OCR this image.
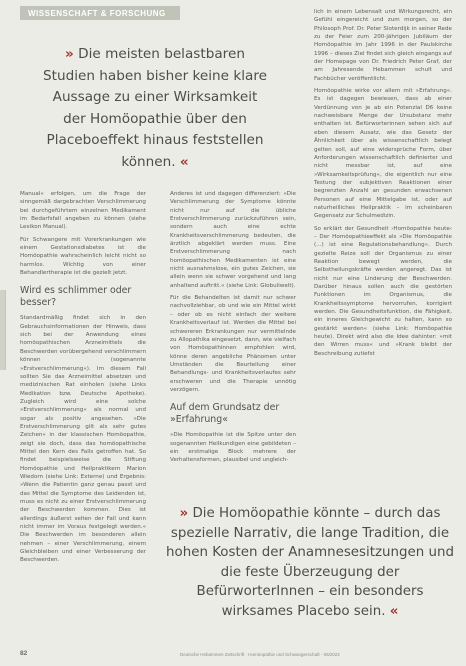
WISSENSCHAFT & FORSCHUNG
» Die meisten belastbaren Studien haben bisher keine klare Aussage zu einer Wirksamkeit der Homöopathie über den Placeboeffekt hinaus feststellen können. «

Manual« erfolgen, um die Frage der sinngemäß dargebrachten Verschlimmerung bei durchgeführtem einzelnen Medikament im Bedarfsfall angeben zu können (siehe Lexikon Manual).

Für Schwangere mit Vorerkrankungen wie einem Gestationsdiabetes ist die Homöopathie wahrscheinlich leicht nicht so harmlos. Wichtig von einer Behandlertherapie ist die gezielt jetzt.

Wird es schlimmer oder besser?

Standardmäßig findet sich in den Gebrauchsinformationen der Hinweis, dass sich bei der Anwendung eines homöopathischen Arzneimittels die Beschwerden vorübergehend verschlimmern können (sogenannte »Erstverschlimmerung«). Im diesem Fall sollten Sie das Arzneimittel absetzen und medizinischen Rat einholen (siehe Links Medikation bzw. Deutsche Apotheke). Zugleich wird eine solche »Erstverschlimmerung« als normal und sogar als positiv angesehen. »Die Erstverschlimmerung gilt als sehr gutes Zeichen« in der klassischen Homöopathie, zeigt sie doch, dass das homöopathische Mittel den Kern des Falls getroffen hat. So findet beispielsweise die Stiftung Homöopathie und Heilpraktikern Marion Wiedorn (siehe Link: Externe) und Ergebnis: »Wenn die Patientin ganz genau passt und das Mittel die Symptome des Leidenden ist, muss es nicht zu einer Erstverschlimmerung der Beschwerden kommen. Dies ist allerdings äußerst selten der Fall und kann nicht immer im Voraus festgelegt werden.« Die Beschwerden im besonderen allein nehmen – einer Verschlimmerung, einem Gleichbleiben und einer Verbesserung der Beschwerden.

Anderes ist und dagegen differenziert: »Die Verschlimmerung der Symptome könnte nicht nur auf die übliche Erstverschlimmerung zurückzuführen sein, sondern auch eine echte Krankheitsverschlimmerung bedeuten, die ärztlich abgeklärt werden muss. Eine Erstverschlimmerung nach homöopathischen Medikamenten ist eine nicht ausnahmslose, ein gutes Zeichen, sie allein wenn sie schwer vorgehend und lang anhaltend auftritt.« (siehe Link: Globuliwelt).

Für die Behandelten ist damit nur schwer nachvollziehbar, ob und wie ein Mittel wirkt – oder ob es nicht einfach der weitere Krankheitsverlauf ist. Werden die Mittel bei schwereren Erkrankungen nur vermittelnde zu Allopathika eingesetzt, dann, wie vielfach von Homöopathinnen empfohlen wird, könne deren angebliche Phänomen unter Umständen die Beurteilung einer Behandlungs- und Krankheitsverlaufes sehr erschweren und die Therapie unnötig verzögern.

Auf dem Grundsatz der »Erfahrung«

»Die Homöopathie ist die Spitze unter den sogenannten Heilkundigen eine gebildeten – ein erstmalige Block mehrere der Verhaltensformen, plausibel und ungleich-

lich in einem Lebensalt und Wirkungsrecht, ein Gefühl eingereicht und zum morgen, so der Philosoph Prof. Dr. Peter Sloterdijk in seiner Rede zu der Feier zum 200-jährigen Jubiläum der Homöopathie im Jahr 1996 in der Paulskirche 1996 – dieses Ziel findet sich gleich eingangs auf der Homepage von Dr. Friedrich Peter Graf, der am Jahresende Hebammen schult und Fachbücher veröffentlicht.

Homöopathie wirke vor allem mit »Erfahrung«. Es ist dagegen bewiesen, dass ab einer Verdünnung von je ab ein Potenzial D6 keine nachweisbare Menge der Ursubstanz mehr enthalten ist. Befürworterinnen sehen sich auf eben diesem Ausatz, wie das Gesetz der Ähnlichkeit über als wissenschaftlich belegt gelten soll, auf eine widersprüche Form, über Anforderungen wissenschaftlich definierter und nicht messbar ist, auf eine »Wirksamkeitsprüfung«, die eigentlich nur eine Testung der subjektiven Reaktionen einer begrenzten Anzahl an gesunden erwachsenen Personen auf eine Mittelgabe ist, oder auf naturheilliches Heilpraktik – im scheinbaren Gegensatz zur Schulmedizin.

So erklärt der Gesundheit ›Homöopathie heute‹ – Der Homöopathieeffekt als »Die Homöopathie (...) ist eine Regulationsbehandlung«. Durch gezielte Reize soll der Organismus zu einer Reaktion bewegt werden, die Selbstheilungskräfte werden angeregt. Das ist nicht nur eine Linderung der Beschwerden. Darüber hinaus sollen auch die gestörten Funktionen im Organismus, die Krankheitssymptome hervorrufen, korrigiert werden. Die Gesundheitsfunktion, die Fähigkeit, ein inneres Gleichgewicht zu halten, kann so gestärkt werden« (siehe Link: Homöopathie heute). Direkt wird also die Idee dahinter: »mit den Wirren muss« und »Krank bleibt der Beschreibung zutiefst

» Die Homöopathie könnte – durch das spezielle Narrativ, die lange Tradition, die hohen Kosten der Anamnesesitzungen und die feste Überzeugung der BefürworterInnen – ein besonders wirksames Placebo sein. «
82	Deutsche Hebammen Zeitschrift · Homöopathie und Schwangerschaft · 06/2022
